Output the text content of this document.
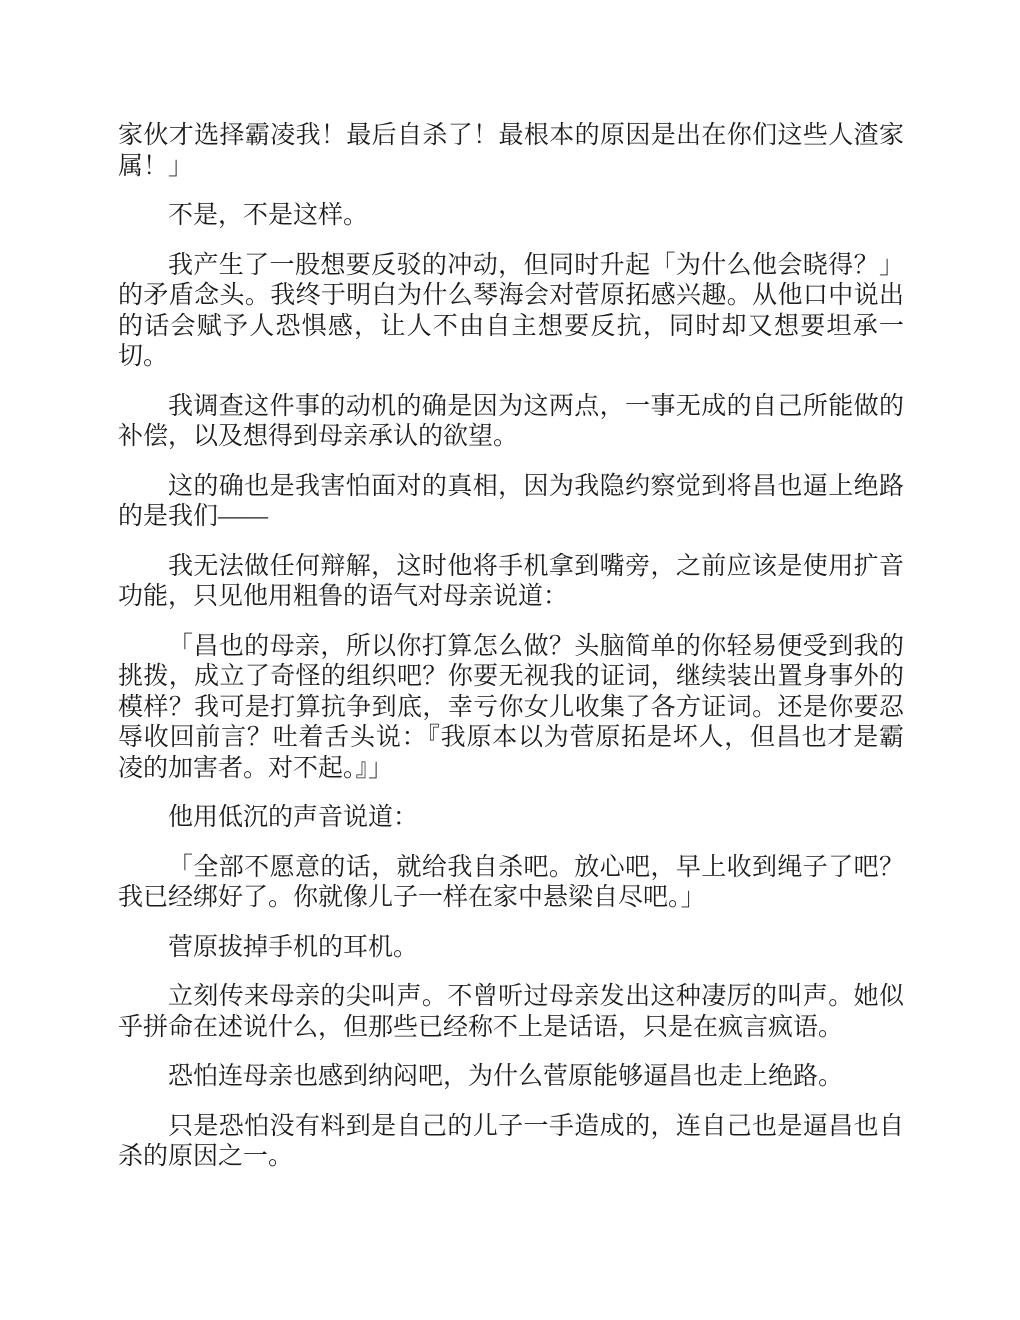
家伙才选择霸凌我！最后自杀了！最根本的原因是出在你们这些人渣家属！」

不是，不是这样。

我产生了一股想要反驳的冲动，但同时升起「为什么他会晓得？」的矛盾念头。我终于明白为什么琴海会对菅原拓感兴趣。从他口中说出的话会赋予人恐惧感，让人不由自主想要反抗，同时却又想要坦承一切。

我调查这件事的动机的确是因为这两点，一事无成的自己所能做的补偿，以及想得到母亲承认的欲望。

这的确也是我害怕面对的真相，因为我隐约察觉到将昌也逼上绝路的是我们——

我无法做任何辩解，这时他将手机拿到嘴旁，之前应该是使用扩音功能，只见他用粗鲁的语气对母亲说道：

「昌也的母亲，所以你打算怎么做？头脑简单的你轻易便受到我的挑拨，成立了奇怪的组织吧？你要无视我的证词，继续装出置身事外的模样？我可是打算抗争到底，幸亏你女儿收集了各方证词。还是你要忍辱收回前言？吐着舌头说：『我原本以为菅原拓是坏人，但昌也才是霸凌的加害者。对不起。』」

他用低沉的声音说道：

「全部不愿意的话，就给我自杀吧。放心吧，早上收到绳子了吧？我已经绑好了。你就像儿子一样在家中悬梁自尽吧。」

菅原拔掉手机的耳机。

立刻传来母亲的尖叫声。不曾听过母亲发出这种凄厉的叫声。她似乎拼命在述说什么，但那些已经称不上是话语，只是在疯言疯语。

恐怕连母亲也感到纳闷吧，为什么菅原能够逼昌也走上绝路。

只是恐怕没有料到是自己的儿子一手造成的，连自己也是逼昌也自杀的原因之一。
